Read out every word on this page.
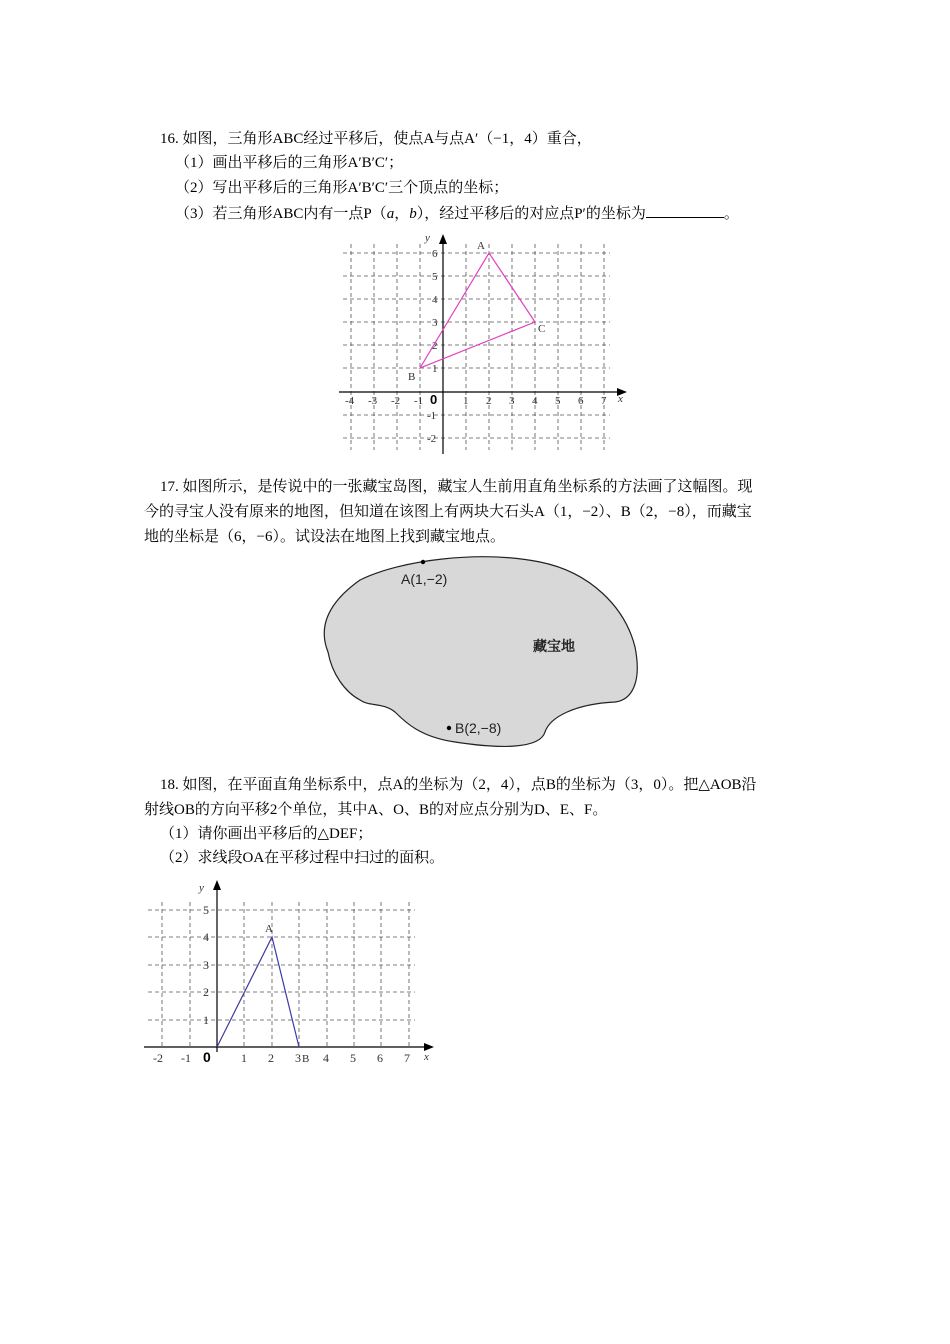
16. 如图，三角形ABC经过平移后，使点A与点A′（−1，4）重合，
（1）画出平移后的三角形A′B′C′；
（2）写出平移后的三角形A′B′C′三个顶点的坐标；
（3）若三角形ABC内有一点P（a，b），经过平移后的对应点P′的坐标为	。
y
x
0
-4 -3 -2 -1	1 2 3 4 5 6 7
6
5
4
3
2
1
-1
-2
A
B
C
17. 如图所示，是传说中的一张藏宝岛图，藏宝人生前用直角坐标系的方法画了这幅图。现
今的寻宝人没有原来的地图，但知道在该图上有两块大石头A（1，−2）、B（2，−8），而藏宝
地的坐标是（6，−6）。试设法在地图上找到藏宝地点。
A(1,−2)
藏宝地
B(2,−8)
18. 如图，在平面直角坐标系中，点A的坐标为（2，4），点B的坐标为（3，0）。把△AOB沿
射线OB的方向平移2个单位，其中A、O、B的对应点分别为D、E、F。
（1）请你画出平移后的△DEF；
（2）求线段OA在平移过程中扫过的面积。
y
x
0
-2 -1	1 2 3 4 5 6 7
5
4
3
2
1
A
B
